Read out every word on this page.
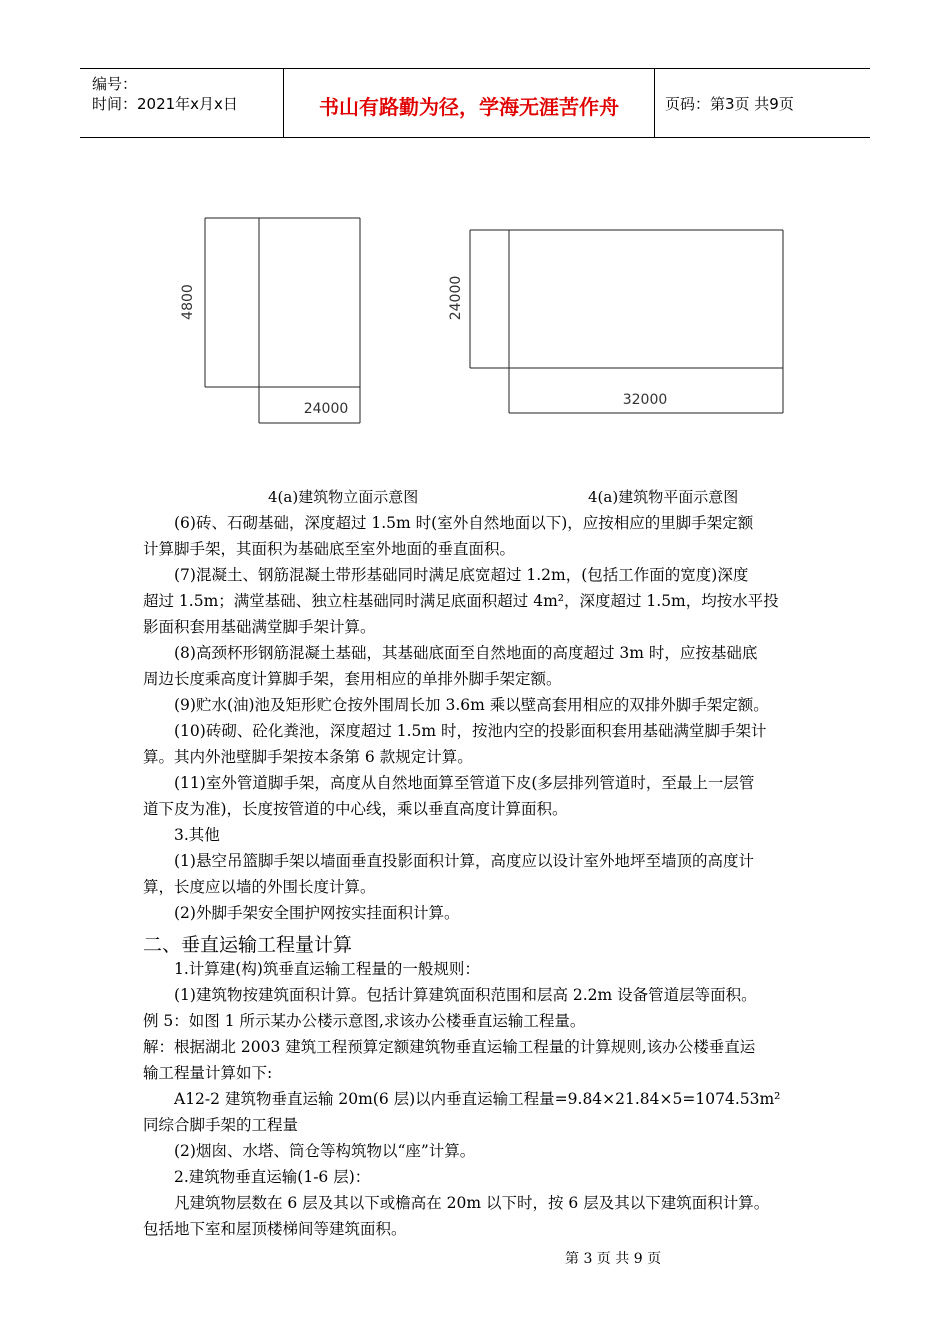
编号：
时间：2021年x月x日	书山有路勤为径，学海无涯苦作舟	页码：第3页 共9页
4800
24000
24000
32000
4(a)建筑物立面示意图	4(a)建筑物平面示意图

(6)砖、石砌基础，深度超过 1.5m 时(室外自然地面以下)，应按相应的里脚手架定额

计算脚手架，其面积为基础底至室外地面的垂直面积。

(7)混凝土、钢筋混凝土带形基础同时满足底宽超过 1.2m，(包括工作面的宽度)深度

超过 1.5m；满堂基础、独立柱基础同时满足底面积超过 4m²，深度超过 1.5m，均按水平投

影面积套用基础满堂脚手架计算。

(8)高颈杯形钢筋混凝土基础，其基础底面至自然地面的高度超过 3m 时，应按基础底

周边长度乘高度计算脚手架，套用相应的单排外脚手架定额。

(9)贮水(油)池及矩形贮仓按外围周长加 3.6m 乘以壁高套用相应的双排外脚手架定额。

(10)砖砌、砼化粪池，深度超过 1.5m 时，按池内空的投影面积套用基础满堂脚手架计

算。其内外池壁脚手架按本条第 6 款规定计算。

(11)室外管道脚手架，高度从自然地面算至管道下皮(多层排列管道时，至最上一层管

道下皮为准)，长度按管道的中心线，乘以垂直高度计算面积。

3.其他

(1)悬空吊篮脚手架以墙面垂直投影面积计算，高度应以设计室外地坪至墙顶的高度计

算，长度应以墙的外围长度计算。

(2)外脚手架安全围护网按实挂面积计算。

二、垂直运输工程量计算

1.计算建(构)筑垂直运输工程量的一般规则：

(1)建筑物按建筑面积计算。包括计算建筑面积范围和层高 2.2m 设备管道层等面积。

例 5：如图 1 所示某办公楼示意图,求该办公楼垂直运输工程量。

解：根据湖北 2003 建筑工程预算定额建筑物垂直运输工程量的计算规则,该办公楼垂直运

输工程量计算如下:

A12-2 建筑物垂直运输 20m(6 层)以内垂直运输工程量=9.84×21.84×5=1074.53m²

同综合脚手架的工程量

(2)烟囱、水塔、筒仓等构筑物以“座”计算。

2.建筑物垂直运输(1-6 层)：

凡建筑物层数在 6 层及其以下或檐高在 20m 以下时，按 6 层及其以下建筑面积计算。

包括地下室和屋顶楼梯间等建筑面积。

第 3 页 共 9 页
